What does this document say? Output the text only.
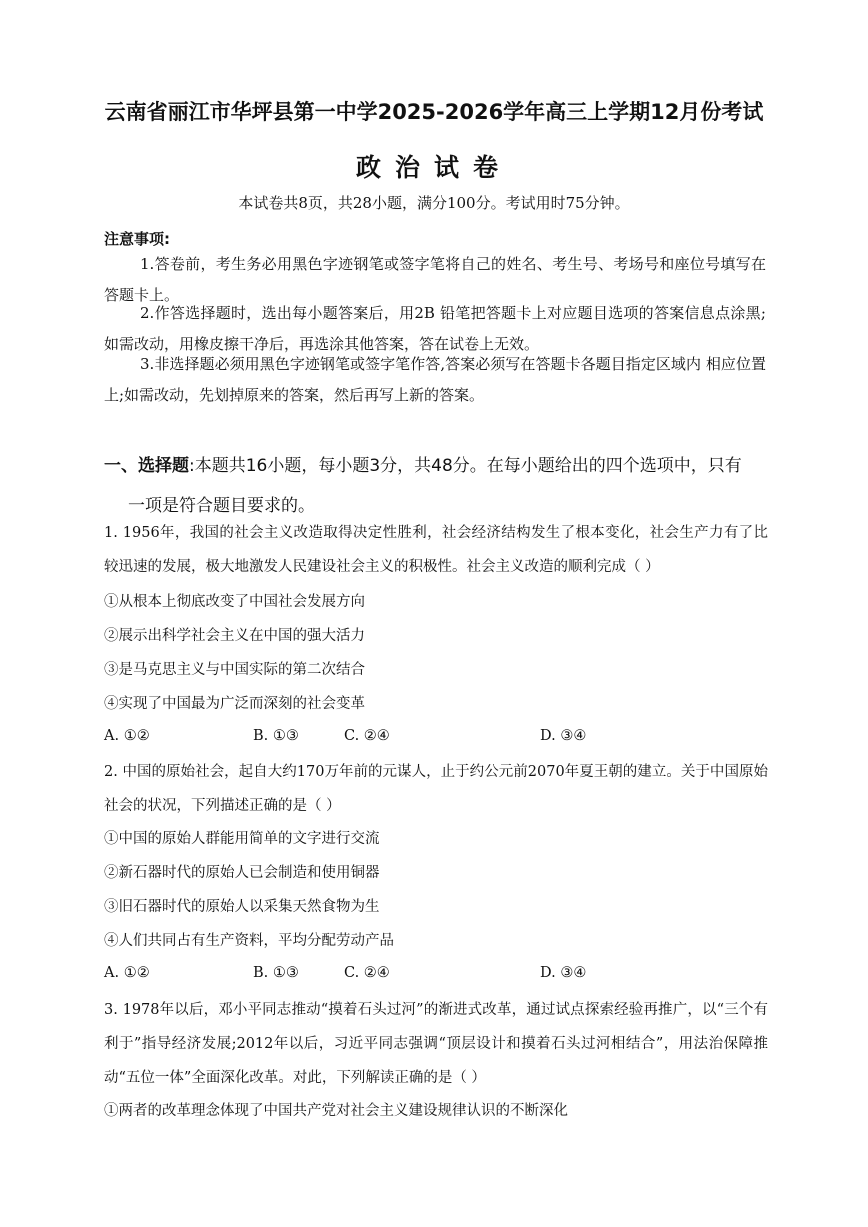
云南省丽江市华坪县第一中学2025-2026学年高三上学期12月份考试
政治试卷
本试卷共8页，共28小题，满分100分。考试用时75分钟。
注意事项:
1.答卷前，考生务必用黑色字迹钢笔或签字笔将自己的姓名、考生号、考场号和座位号填写在答题卡上。
2.作答选择题时，选出每小题答案后，用2B 铅笔把答题卡上对应题目选项的答案信息点涂黑;如需改动，用橡皮擦干净后，再选涂其他答案，答在试卷上无效。
3.非选择题必须用黑色字迹钢笔或签字笔作答,答案必须写在答题卡各题目指定区域内 相应位置上;如需改动，先划掉原来的答案，然后再写上新的答案。
一、选择题:本题共16小题，每小题3分，共48分。在每小题给出的四个选项中，只有
一项是符合题目要求的。
1. 1956年，我国的社会主义改造取得决定性胜利，社会经济结构发生了根本变化，社会生产力有了比较迅速的发展，极大地激发人民建设社会主义的积极性。社会主义改造的顺利完成（ ）
①从根本上彻底改变了中国社会发展方向
②展示出科学社会主义在中国的强大活力
③是马克思主义与中国实际的第二次结合
④实现了中国最为广泛而深刻的社会变革
A. ①②	B. ①③	C. ②④	D. ③④
2. 中国的原始社会，起自大约170万年前的元谋人，止于约公元前2070年夏王朝的建立。关于中国原始社会的状况，下列描述正确的是（ ）
①中国的原始人群能用简单的文字进行交流
②新石器时代的原始人已会制造和使用铜器
③旧石器时代的原始人以采集天然食物为生
④人们共同占有生产资料，平均分配劳动产品
A. ①②	B. ①③	C. ②④	D. ③④
3. 1978年以后，邓小平同志推动“摸着石头过河”的渐进式改革，通过试点探索经验再推广，以“三个有利于”指导经济发展;2012年以后，习近平同志强调“顶层设计和摸着石头过河相结合”，用法治保障推动“五位一体”全面深化改革。对此，下列解读正确的是（ ）
①两者的改革理念体现了中国共产党对社会主义建设规律认识的不断深化
